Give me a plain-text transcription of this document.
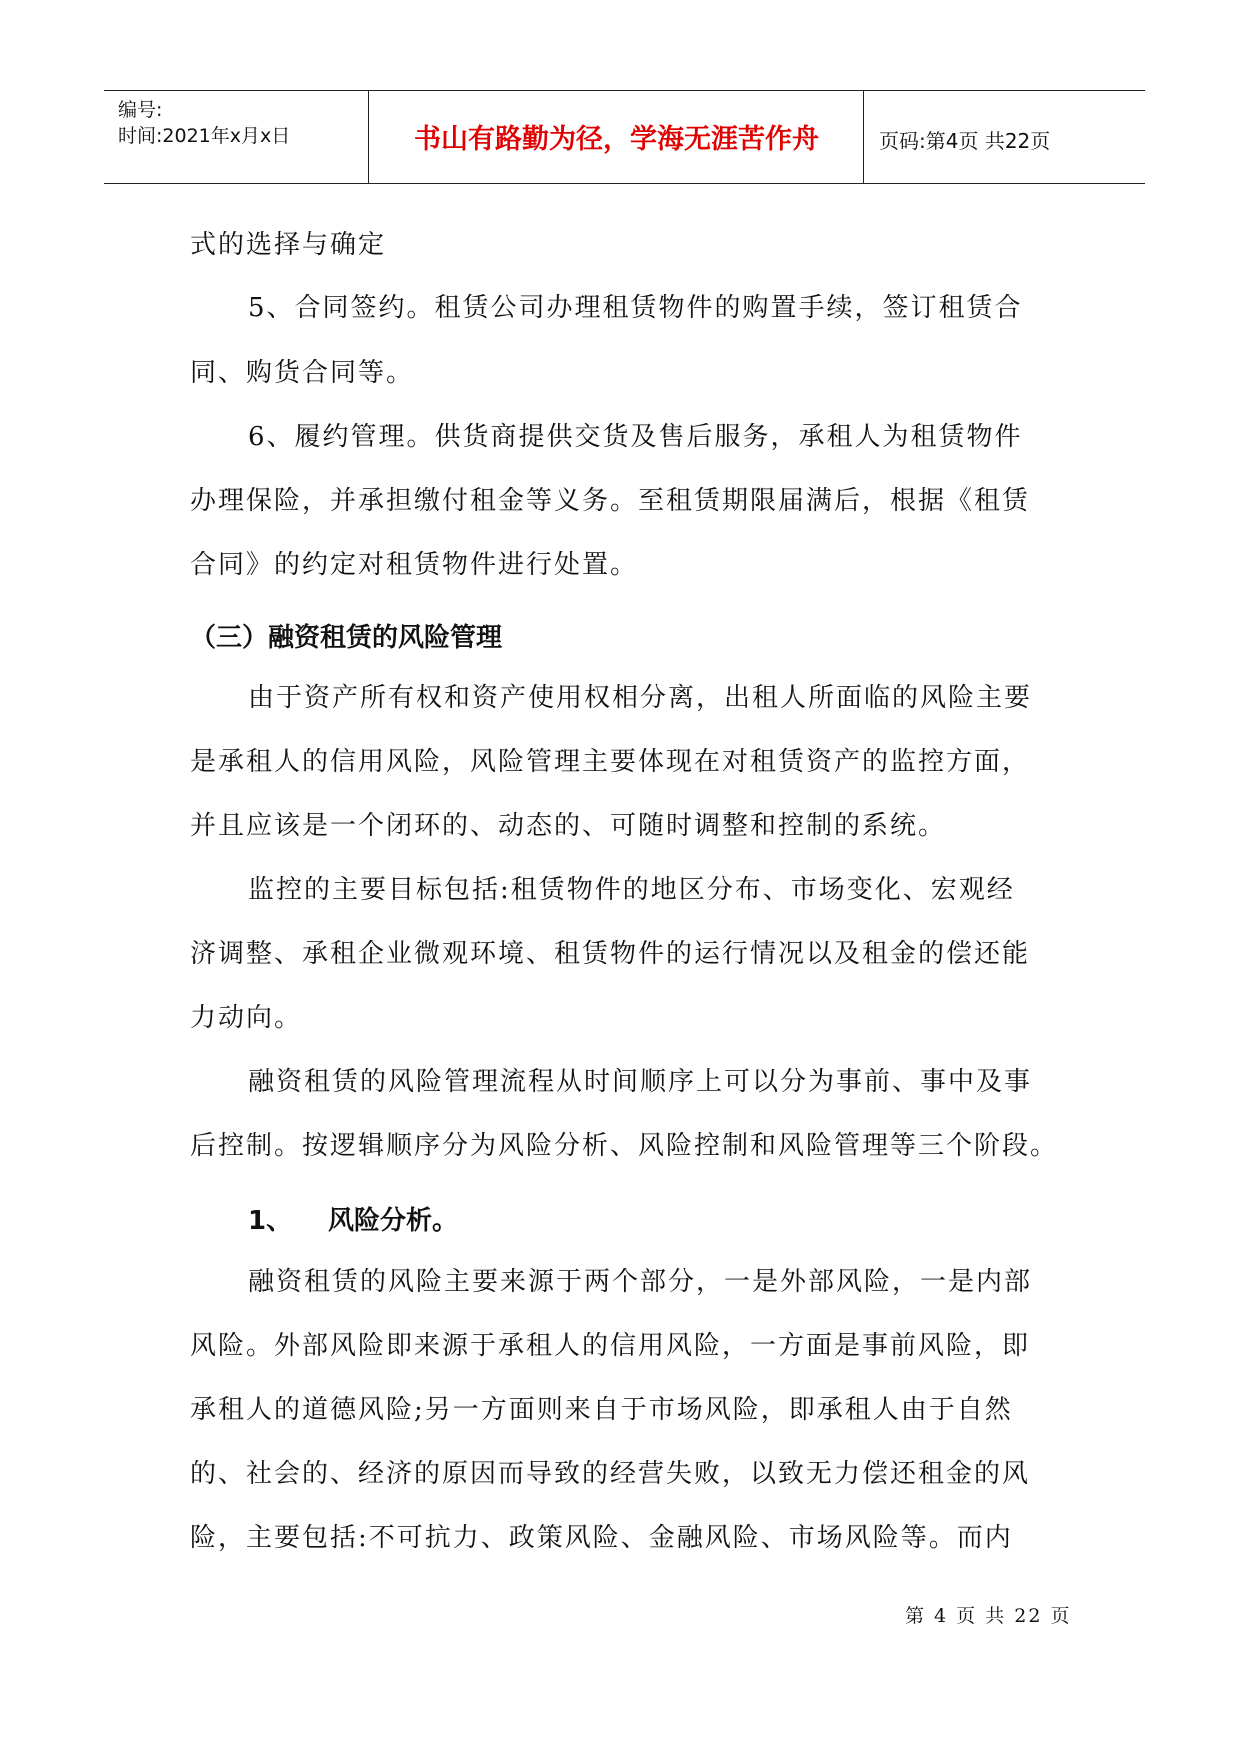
编号:
时间:2021年x月x日	书山有路勤为径，学海无涯苦作舟	页码:第4页 共22页
式的选择与确定
5、合同签约。租赁公司办理租赁物件的购置手续，签订租赁合
同、购货合同等。
6、履约管理。供货商提供交货及售后服务，承租人为租赁物件
办理保险，并承担缴付租金等义务。至租赁期限届满后，根据《租赁
合同》的约定对租赁物件进行处置。
（三）融资租赁的风险管理
由于资产所有权和资产使用权相分离，出租人所面临的风险主要
是承租人的信用风险，风险管理主要体现在对租赁资产的监控方面，
并且应该是一个闭环的、动态的、可随时调整和控制的系统。
监控的主要目标包括:租赁物件的地区分布、市场变化、宏观经
济调整、承租企业微观环境、租赁物件的运行情况以及租金的偿还能
力动向。
融资租赁的风险管理流程从时间顺序上可以分为事前、事中及事
后控制。按逻辑顺序分为风险分析、风险控制和风险管理等三个阶段。
1、 风险分析。
融资租赁的风险主要来源于两个部分，一是外部风险，一是内部
风险。外部风险即来源于承租人的信用风险，一方面是事前风险，即
承租人的道德风险;另一方面则来自于市场风险，即承租人由于自然
的、社会的、经济的原因而导致的经营失败，以致无力偿还租金的风
险，主要包括:不可抗力、政策风险、金融风险、市场风险等。而内
第 4 页 共 22 页
